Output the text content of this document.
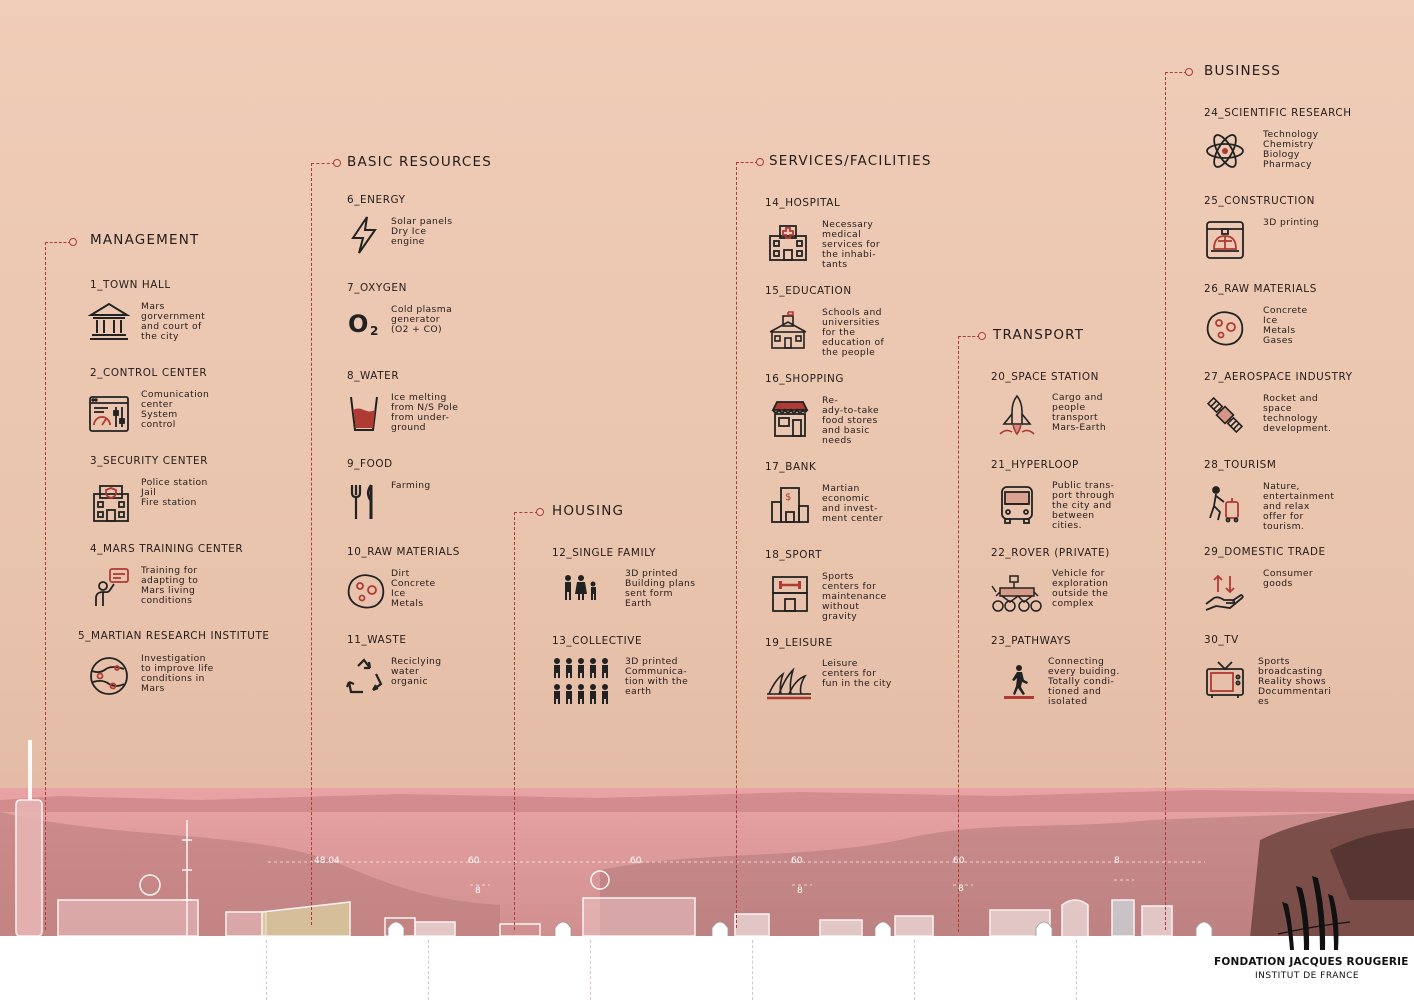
48.04	60	60	60	60	8
8	8	8
MANAGEMENT
1_TOWN HALL
Mars
gorvernment
and court of
the city
2_CONTROL CENTER
Comunication
center
System
control
3_SECURITY CENTER
Police station
Jail
Fire station
4_MARS TRAINING CENTER
Training for
adapting to
Mars living
conditions
5_MARTIAN RESEARCH INSTITUTE
Investigation
to improve life
conditions in
Mars
BASIC RESOURCES
6_ENERGY
Solar panels
Dry Ice
engine
7_OXYGEN
O 2
Cold plasma
generator
(O2 + CO)
8_WATER
Ice melting
from N/S Pole
from under-
ground
9_FOOD
Farming
10_RAW MATERIALS
Dirt
Concrete
Ice
Metals
11_WASTE
Reciclying
water
organic
HOUSING
12_SINGLE FAMILY
3D printed
Building plans
sent form
Earth
13_COLLECTIVE
3D printed
Communica-
tion with the
earth
SERVICES/FACILITIES
14_HOSPITAL
Necessary
medical
services for
the inhabi-
tants
15_EDUCATION
Schools and
universities
for the
education of
the people
16_SHOPPING
Re-
ady-to-take
food stores
and basic
needs
17_BANK
$
Martian
economic
and invest-
ment center
18_SPORT
Sports
centers for
maintenance
without
gravity
19_LEISURE
Leisure
centers for
fun in the city
TRANSPORT
20_SPACE STATION
Cargo and
people
transport
Mars-Earth
21_HYPERLOOP
Public trans-
port through
the city and
between
cities.
22_ROVER (PRIVATE)
Vehicle for
exploration
outside the
complex
23_PATHWAYS
Connecting
every buiding.
Totally condi-
tioned and
isolated
BUSINESS
24_SCIENTIFIC RESEARCH
Technology
Chemistry
Biology
Pharmacy
25_CONSTRUCTION
3D printing
26_RAW MATERIALS
Concrete
Ice
Metals
Gases
27_AEROSPACE INDUSTRY
Rocket and
space
technology
development.
28_TOURISM
Nature,
entertainment
and relax
offer for
tourism.
29_DOMESTIC TRADE
Consumer
goods
30_TV
Sports
broadcasting
Reality shows
Docummentari
es
FONDATION JACQUES ROUGERIE
INSTITUT DE FRANCE
